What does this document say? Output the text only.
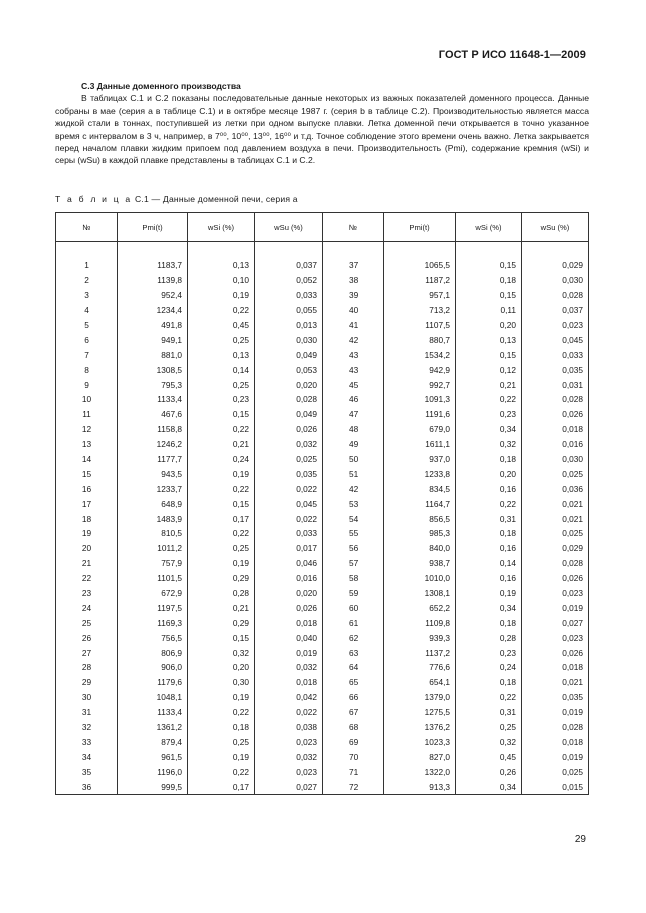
ГОСТ Р ИСО 11648-1—2009
С.3 Данные доменного производства

В таблицах С.1 и С.2 показаны последовательные данные некоторых из важных показателей доменного процесса. Данные собраны в мае (серия a в таблице С.1) и в октябре месяце 1987 г. (серия b в таблице С.2). Производительностью является масса жидкой стали в тоннах, поступившей из летки при одном выпуске плавки. Летка доменной печи открывается в точно указанное время с интервалом в 3 ч, например, в 7⁰⁰, 10⁰⁰, 13⁰⁰, 16⁰⁰ и т.д. Точное соблюдение этого времени очень важно. Летка закрывается перед началом плавки жидким припоем под давлением воздуха в печи. Производительность (Pmi), содержание кремния (wSi) и серы (wSu) в каждой плавке представлены в таблицах С.1 и С.2.

Т а б л и ц а С.1 — Данные доменной печи, серия a
№	Pmi(t)	wSi (%)	wSu (%)	№	Pmi(t)	wSi (%)	wSu (%)

1	1183,7	0,13	0,037	37	1065,5	0,15	0,029
2	1139,8	0,10	0,052	38	1187,2	0,18	0,030
3	952,4	0,19	0,033	39	957,1	0,15	0,028
4	1234,4	0,22	0,055	40	713,2	0,11	0,037
5	491,8	0,45	0,013	41	1107,5	0,20	0,023
6	949,1	0,25	0,030	42	880,7	0,13	0,045
7	881,0	0,13	0,049	43	1534,2	0,15	0,033
8	1308,5	0,14	0,053	43	942,9	0,12	0,035
9	795,3	0,25	0,020	45	992,7	0,21	0,031
10	1133,4	0,23	0,028	46	1091,3	0,22	0,028
11	467,6	0,15	0,049	47	1191,6	0,23	0,026
12	1158,8	0,22	0,026	48	679,0	0,34	0,018
13	1246,2	0,21	0,032	49	1611,1	0,32	0,016
14	1177,7	0,24	0,025	50	937,0	0,18	0,030
15	943,5	0,19	0,035	51	1233,8	0,20	0,025
16	1233,7	0,22	0,022	42	834,5	0,16	0,036
17	648,9	0,15	0,045	53	1164,7	0,22	0,021
18	1483,9	0,17	0,022	54	856,5	0,31	0,021
19	810,5	0,22	0,033	55	985,3	0,18	0,025
20	1011,2	0,25	0,017	56	840,0	0,16	0,029
21	757,9	0,19	0,046	57	938,7	0,14	0,028
22	1101,5	0,29	0,016	58	1010,0	0,16	0,026
23	672,9	0,28	0,020	59	1308,1	0,19	0,023
24	1197,5	0,21	0,026	60	652,2	0,34	0,019
25	1169,3	0,29	0,018	61	1109,8	0,18	0,027
26	756,5	0,15	0,040	62	939,3	0,28	0,023
27	806,9	0,32	0,019	63	1137,2	0,23	0,026
28	906,0	0,20	0,032	64	776,6	0,24	0,018
29	1179,6	0,30	0,018	65	654,1	0,18	0,021
30	1048,1	0,19	0,042	66	1379,0	0,22	0,035
31	1133,4	0,22	0,022	67	1275,5	0,31	0,019
32	1361,2	0,18	0,038	68	1376,2	0,25	0,028
33	879,4	0,25	0,023	69	1023,3	0,32	0,018
34	961,5	0,19	0,032	70	827,0	0,45	0,019
35	1196,0	0,22	0,023	71	1322,0	0,26	0,025
36	999,5	0,17	0,027	72	913,3	0,34	0,015
29
